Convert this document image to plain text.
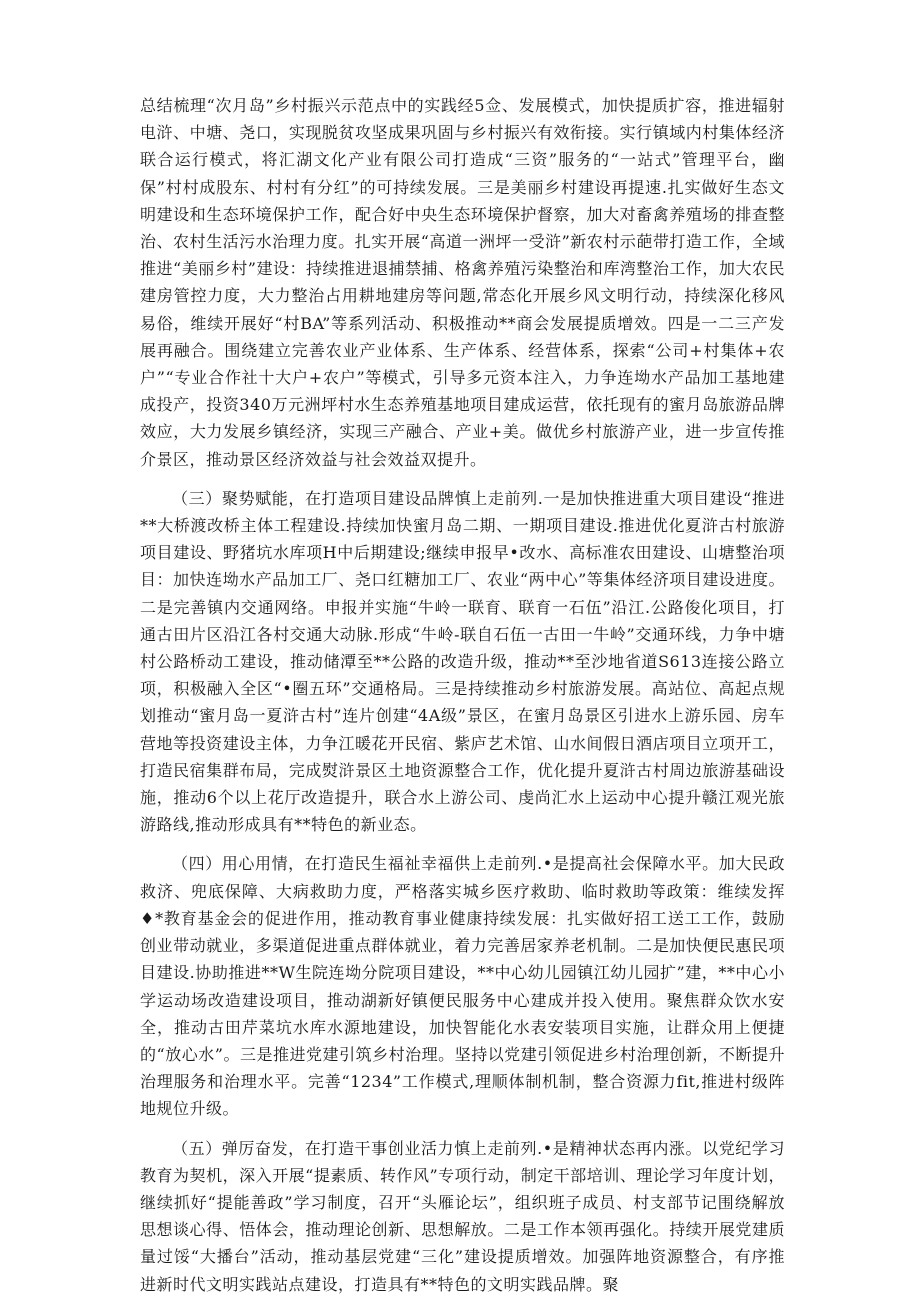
总结梳理“次月岛”乡村振兴示范点中的实践经5佥、发展模式，加快提质扩容，推进辐射电浒、中塘、尧口，实现脱贫攻坚成果巩固与乡村振兴有效衔接。实行镇域内村集体经济联合运行模式，将汇湖文化产业有限公司打造成“三资”服务的“一站式”管理平台，幽保”村村成股东、村村有分红”的可持续发展。三是美丽乡村建设再提速.扎实做好生态文明建设和生态环境保护工作，配合好中央生态环境保护督察，加大对畜禽养殖场的排查整治、农村生活污水治理力度。扎实开展“高道一洲坪一受浒”新农村示葩带打造工作，全域推进“美丽乡村”建设：持续推进退捕禁捕、格禽养殖污染整治和库湾整治工作，加大农民建房管控力度，大力整治占用耕地建房等问题,常态化开展乡风文明行动，持续深化移风易俗，维续开展好“村BA”等系列活动、积极推动**商会发展提质增效。四是一二三产发展再融合。围绕建立完善农业产业体系、生产体系、经营体系，探索“公司+村集体+农户”“专业合作社十大户+农户”等模式，引导多元资本注入，力争连坳水产品加工基地建成投产，投资340万元洲坪村水生态养殖基地项目建成运营，依托现有的蜜月岛旅游品牌效应，大力发展乡镇经济，实现三产融合、产业+美。做优乡村旅游产业，进一步宣传推介景区，推动景区经济效益与社会效益双提升。

（三）聚势赋能，在打造项目建设品牌慎上走前列.一是加快推进重大项目建设“推进**大桥渡改桥主体工程建设.持续加快蜜月岛二期、一期项目建设.推进优化夏浒古村旅游项目建设、野猪坑水库项H中后期建设;继续申报早•改水、高标准农田建设、山塘整治项目：加快连坳水产品加工厂、尧口红糖加工厂、农业“两中心”等集体经济项目建设进度。二是完善镇内交通网络。申报并实施“牛岭一联育、联育一石伍”沿江.公路俊化项目，打通古田片区沿江各村交通大动脉.形成“牛岭-联自石伍一古田一牛岭”交通环线，力争中塘村公路桥动工建设，推动储潭至**公路的改造升级，推动**至沙地省道S613连接公路立项，积极融入全区“•圈五环”交通格局。三是持续推动乡村旅游发展。高站位、高起点规划推动“蜜月岛一夏浒古村”连片创建“4A级”景区，在蜜月岛景区引进水上游乐园、房车营地等投资建设主体，力争江暖花开民宿、紫庐艺术馆、山水间假日酒店项目立项开工，打造民宿集群布局，完成熨浒景区土地资源整合工作，优化提升夏浒古村周边旅游基础设施，推动6个以上花厅改造提升，联合水上游公司、虔尚汇水上运动中心提升赣江观光旅游路线,推动形成具有**特色的新业态。

（四）用心用情，在打造民生福祉幸福供上走前列.•是提高社会保障水平。加大民政救济、兜底保障、大病救助力度，严格落实城乡医疗救助、临时救助等政策：维续发挥♦*教育基金会的促进作用，推动教育事业健康持续发展：扎实做好招工送工工作，鼓励创业带动就业，多渠道促进重点群体就业，着力完善居家养老机制。二是加快便民惠民项目建设.协助推进**W生院连坳分院项目建设，**中心幼儿园镇江幼儿园扩”建，**中心小学运动场改造建设项目，推动湖新好镇便民服务中心建成并投入使用。聚焦群众饮水安全，推动古田芹菜坑水库水源地建设，加快智能化水表安装项目实施，让群众用上便捷的“放心水”。三是推进党建引筑乡村治理。坚持以党建引领促进乡村治理创新，不断提升治理服务和治理水平。完善“1234”工作模式,理顺体制机制，整合资源力fit,推进村级阵地规位升级。

（五）弹厉奋发，在打造干事创业活力慎上走前列.•是精神状态再内涨。以党纪学习教育为契机，深入开展“提素质、转作风”专项行动，制定干部培训、理论学习年度计划，继续抓好“提能善政”学习制度，召开“头雁论坛”，组织班子成员、村支部节记围绕解放思想谈心得、悟体会，推动理论创新、思想解放。二是工作本领再强化。持续开展党建质量过馁“大播台”活动，推动基层党建“三化”建设提质增效。加强阵地资源整合，有序推进新时代文明实践站点建设，打造具有**特色的文明实践品牌。聚
